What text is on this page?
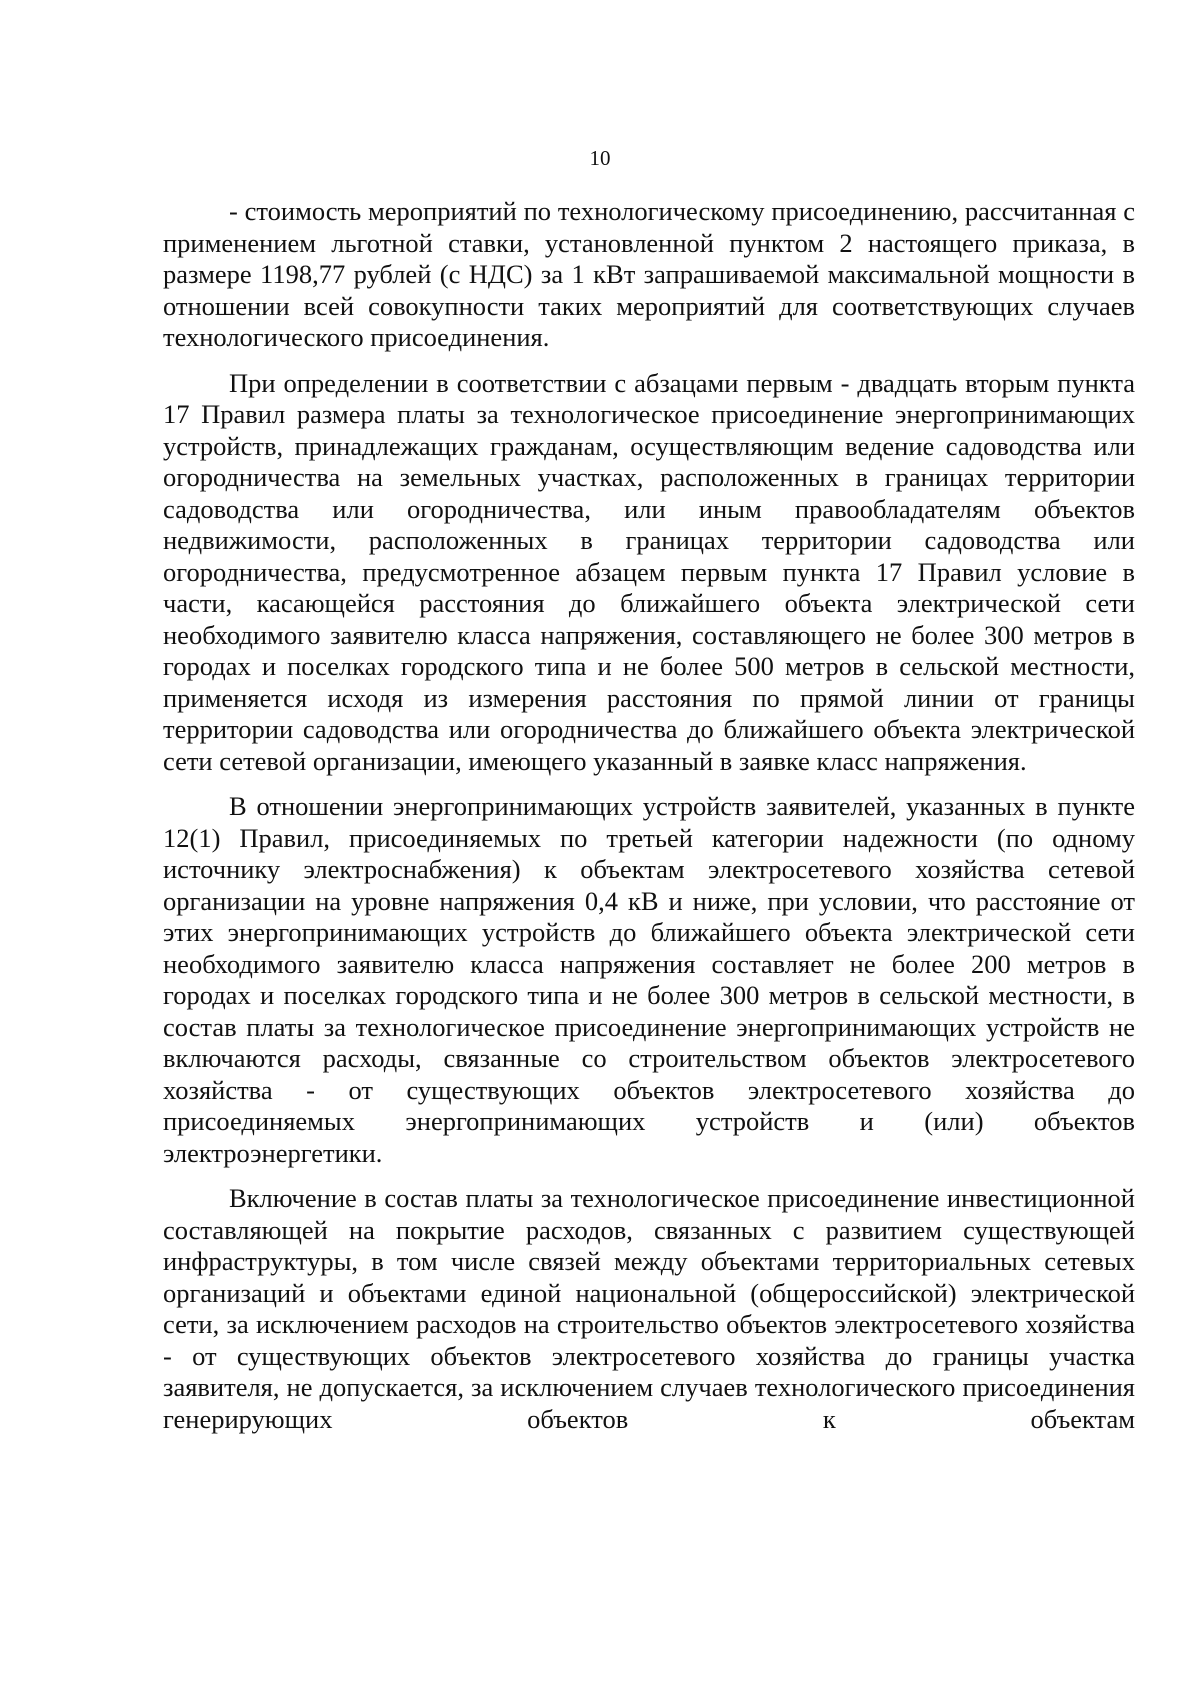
10

- стоимость мероприятий по технологическому присоединению, рассчитанная с применением льготной ставки, установленной пунктом 2 настоящего приказа, в размере 1198,77 рублей (с НДС) за 1 кВт запрашиваемой максимальной мощности в отношении всей совокупности таких мероприятий для соответствующих случаев технологического присоединения.

При определении в соответствии с абзацами первым - двадцать вторым пункта 17 Правил размера платы за технологическое присоединение энергопринимающих устройств, принадлежащих гражданам, осуществляющим ведение садоводства или огородничества на земельных участках, расположенных в границах территории садоводства или огородничества, или иным правообладателям объектов недвижимости, расположенных в границах территории садоводства или огородничества, предусмотренное абзацем первым пункта 17 Правил условие в части, касающейся расстояния до ближайшего объекта электрической сети необходимого заявителю класса напряжения, составляющего не более 300 метров в городах и поселках городского типа и не более 500 метров в сельской местности, применяется исходя из измерения расстояния по прямой линии от границы территории садоводства или огородничества до ближайшего объекта электрической сети сетевой организации, имеющего указанный в заявке класс напряжения.

В отношении энергопринимающих устройств заявителей, указанных в пункте 12(1) Правил, присоединяемых по третьей категории надежности (по одному источнику электроснабжения) к объектам электросетевого хозяйства сетевой организации на уровне напряжения 0,4 кВ и ниже, при условии, что расстояние от этих энергопринимающих устройств до ближайшего объекта электрической сети необходимого заявителю класса напряжения составляет не более 200 метров в городах и поселках городского типа и не более 300 метров в сельской местности, в состав платы за технологическое присоединение энергопринимающих устройств не включаются расходы, связанные со строительством объектов электросетевого хозяйства - от существующих объектов электросетевого хозяйства до присоединяемых энергопринимающих устройств и (или) объектов электроэнергетики.

Включение в состав платы за технологическое присоединение инвестиционной составляющей на покрытие расходов, связанных с развитием существующей инфраструктуры, в том числе связей между объектами территориальных сетевых организаций и объектами единой национальной (общероссийской) электрической сети, за исключением расходов на строительство объектов электросетевого хозяйства - от существующих объектов электросетевого хозяйства до границы участка заявителя, не допускается, за исключением случаев технологического присоединения генерирующих объектов к объектам
